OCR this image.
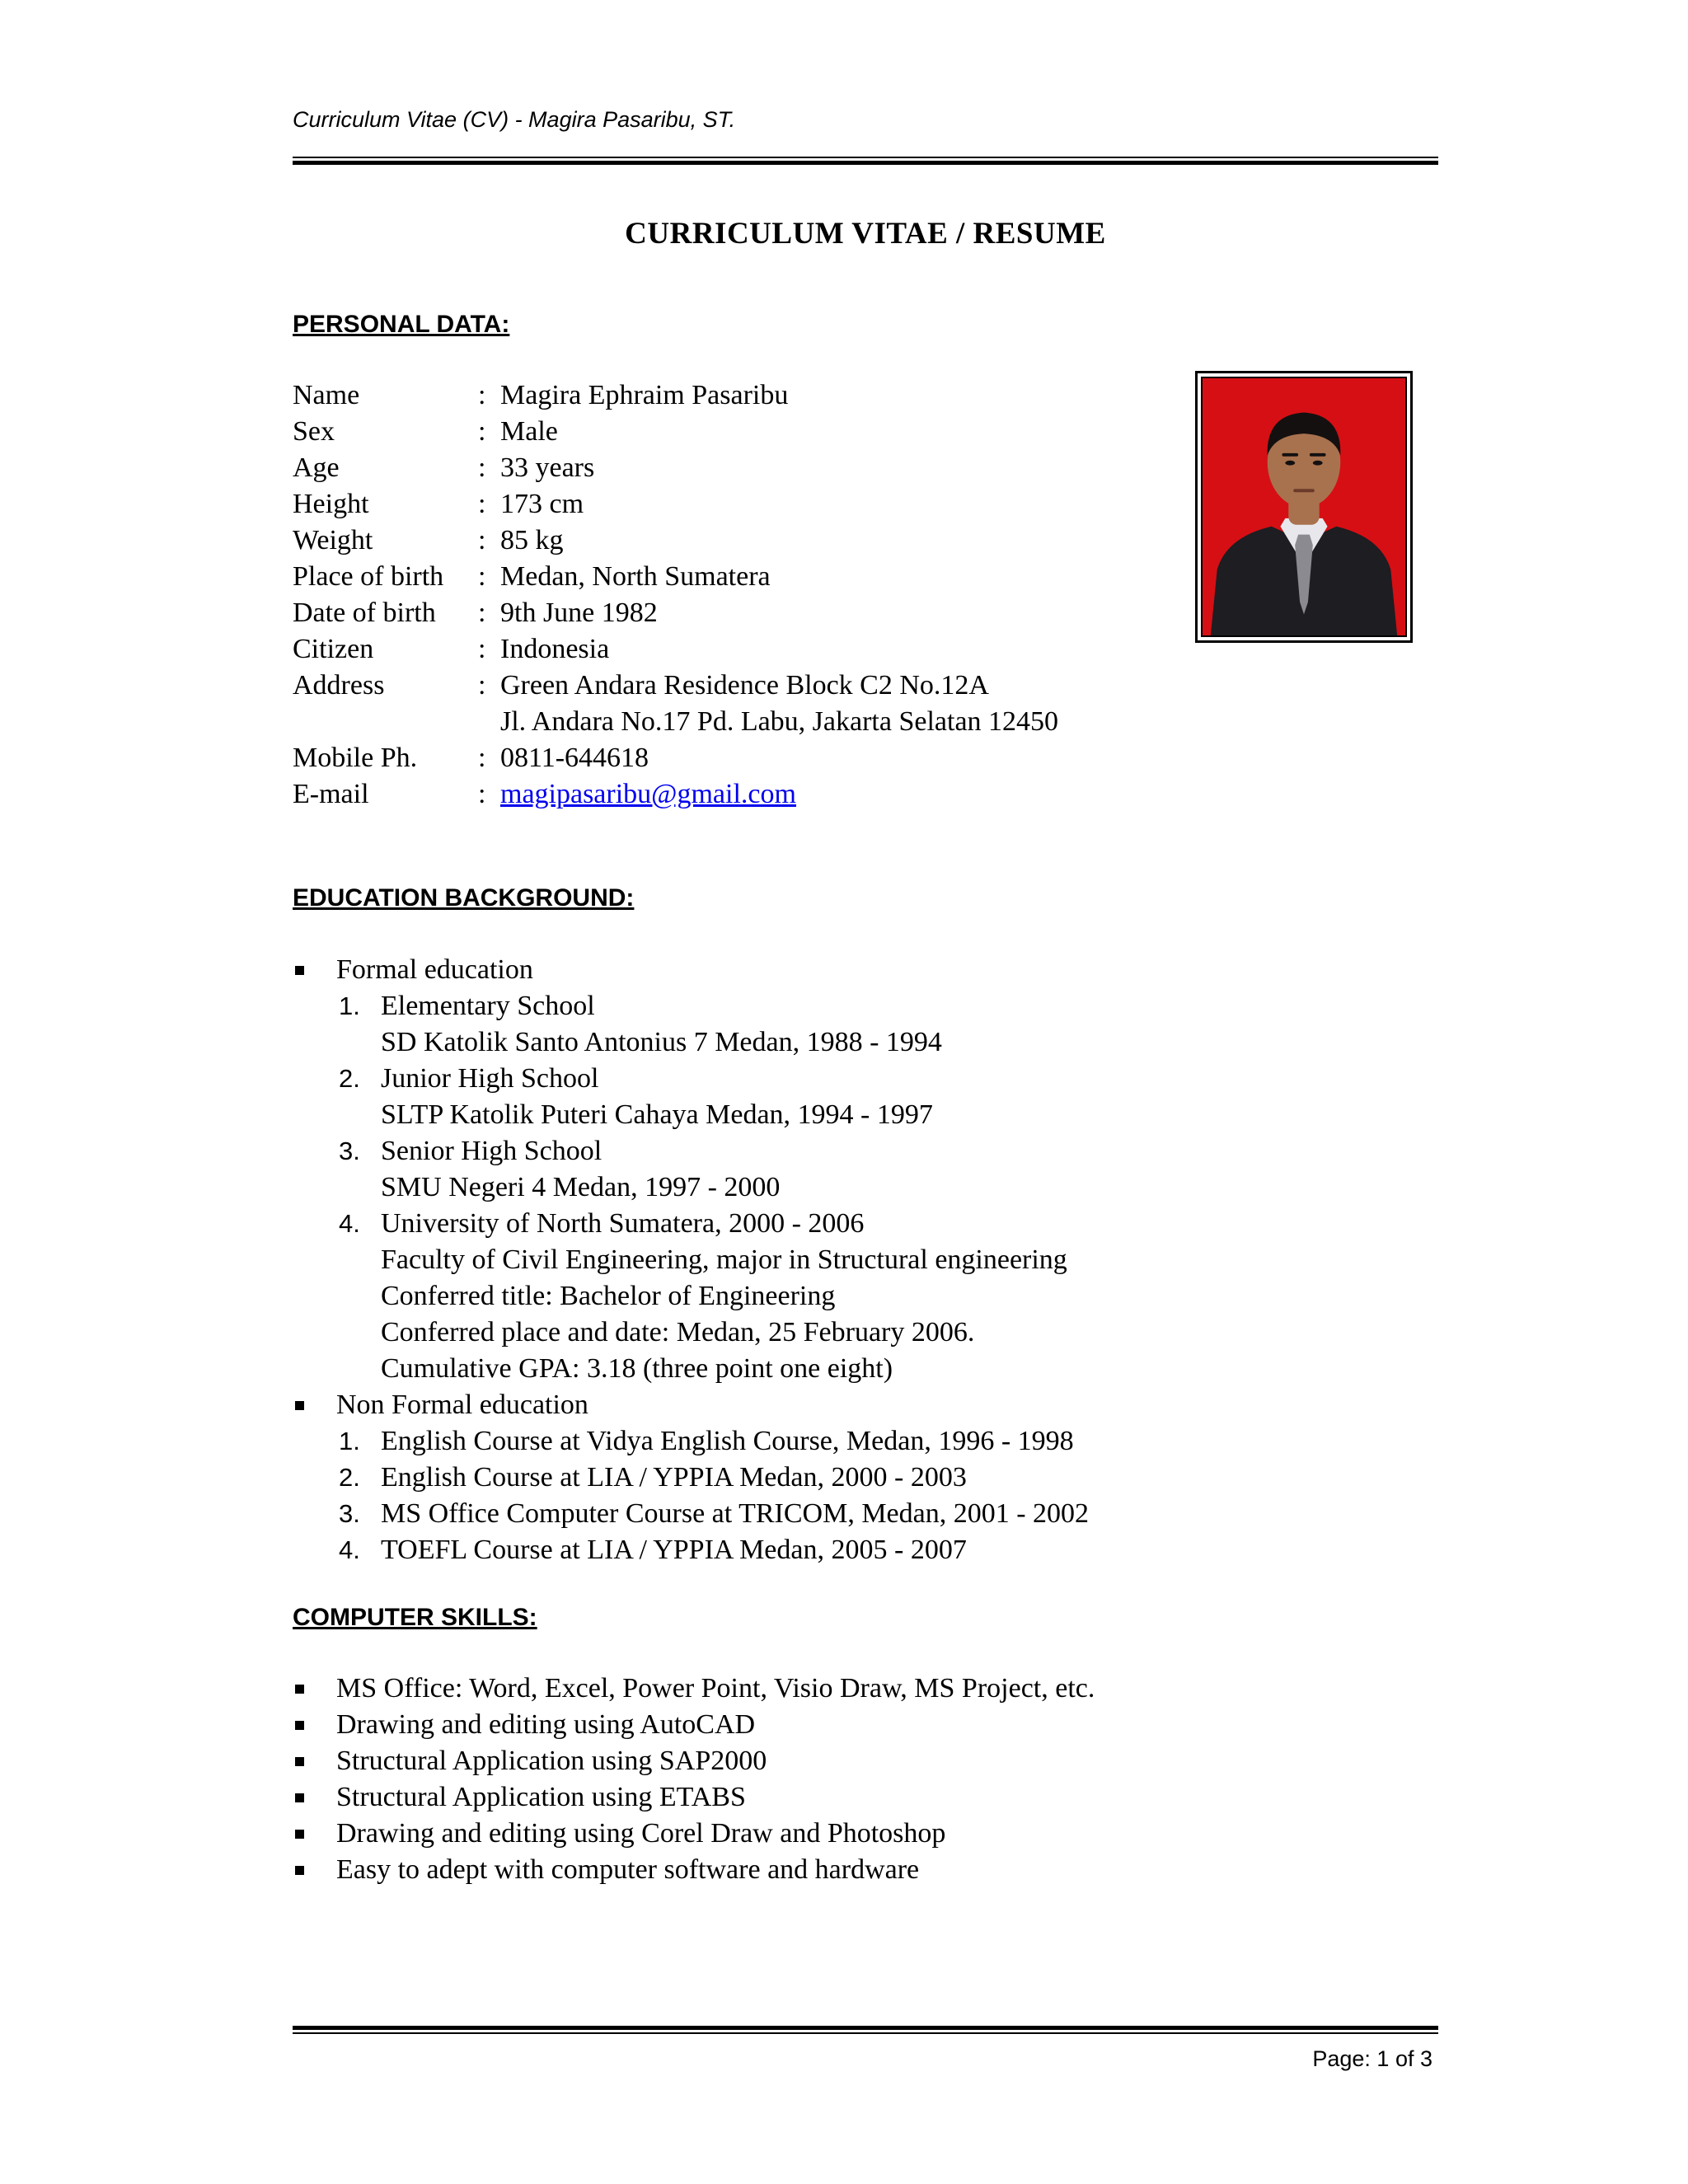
Curriculum Vitae (CV) - Magira Pasaribu, ST.
CURRICULUM VITAE / RESUME
PERSONAL DATA:
Name	: Magira Ephraim Pasaribu
Sex	: Male
Age	: 33 years
Height	: 173 cm
Weight	: 85 kg
Place of birth : Medan, North Sumatera
Date of birth : 9th June 1982
Citizen	: Indonesia
Address	: Green Andara Residence Block C2 No.12A
Jl. Andara No.17 Pd. Labu, Jakarta Selatan 12450
Mobile Ph. : 0811-644618
E-mail	: magipasaribu@gmail.com
EDUCATION BACKGROUND:
Formal education
1. Elementary School
SD Katolik Santo Antonius 7 Medan, 1988 - 1994
2. Junior High School
SLTP Katolik Puteri Cahaya Medan, 1994 - 1997
3. Senior High School
SMU Negeri 4 Medan, 1997 - 2000
4. University of North Sumatera, 2000 - 2006
Faculty of Civil Engineering, major in Structural engineering
Conferred title: Bachelor of Engineering
Conferred place and date: Medan, 25 February 2006.
Cumulative GPA: 3.18 (three point one eight)
Non Formal education
1. English Course at Vidya English Course, Medan, 1996 - 1998
2. English Course at LIA / YPPIA Medan, 2000 - 2003
3. MS Office Computer Course at TRICOM, Medan, 2001 - 2002
4. TOEFL Course at LIA / YPPIA Medan, 2005 - 2007
COMPUTER SKILLS:
MS Office: Word, Excel, Power Point, Visio Draw, MS Project, etc.
Drawing and editing using AutoCAD
Structural Application using SAP2000
Structural Application using ETABS
Drawing and editing using Corel Draw and Photoshop
Easy to adept with computer software and hardware
Page: 1 of 3
